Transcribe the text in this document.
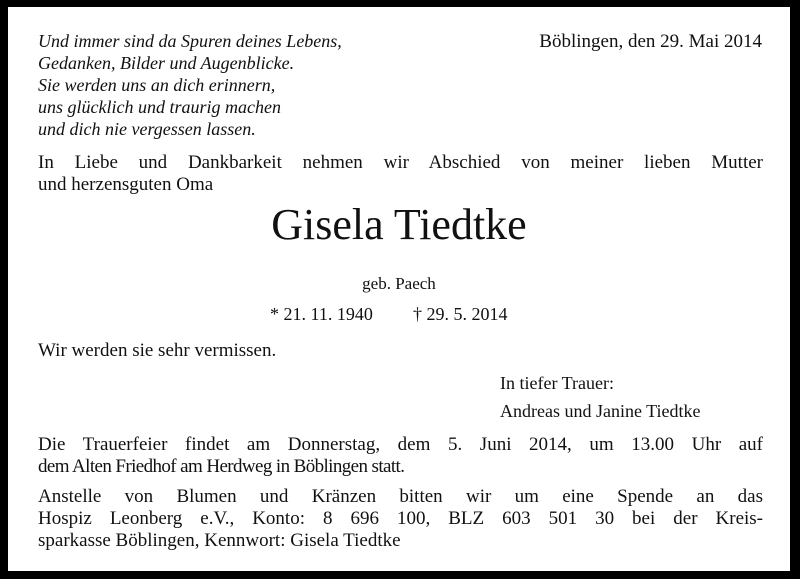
Und immer sind da Spuren deines Lebens,
Gedanken, Bilder und Augenblicke.
Sie werden uns an dich erinnern,
uns glücklich und traurig machen
und dich nie vergessen lassen.
Böblingen, den 29. Mai 2014
In Liebe und Dankbarkeit nehmen wir Abschied von meiner lieben Mutter
und herzensguten Oma
Gisela Tiedtke
geb. Paech
* 21. 11. 1940 † 29. 5. 2014
Wir werden sie sehr vermissen.
In tiefer Trauer:
Andreas und Janine Tiedtke
Die Trauerfeier findet am Donnerstag, dem 5. Juni 2014, um 13.00 Uhr auf
dem Alten Friedhof am Herdweg in Böblingen statt.
Anstelle von Blumen und Kränzen bitten wir um eine Spende an das
Hospiz Leonberg e.V., Konto: 8 696 100, BLZ 603 501 30 bei der Kreis-
sparkasse Böblingen, Kennwort: Gisela Tiedtke
